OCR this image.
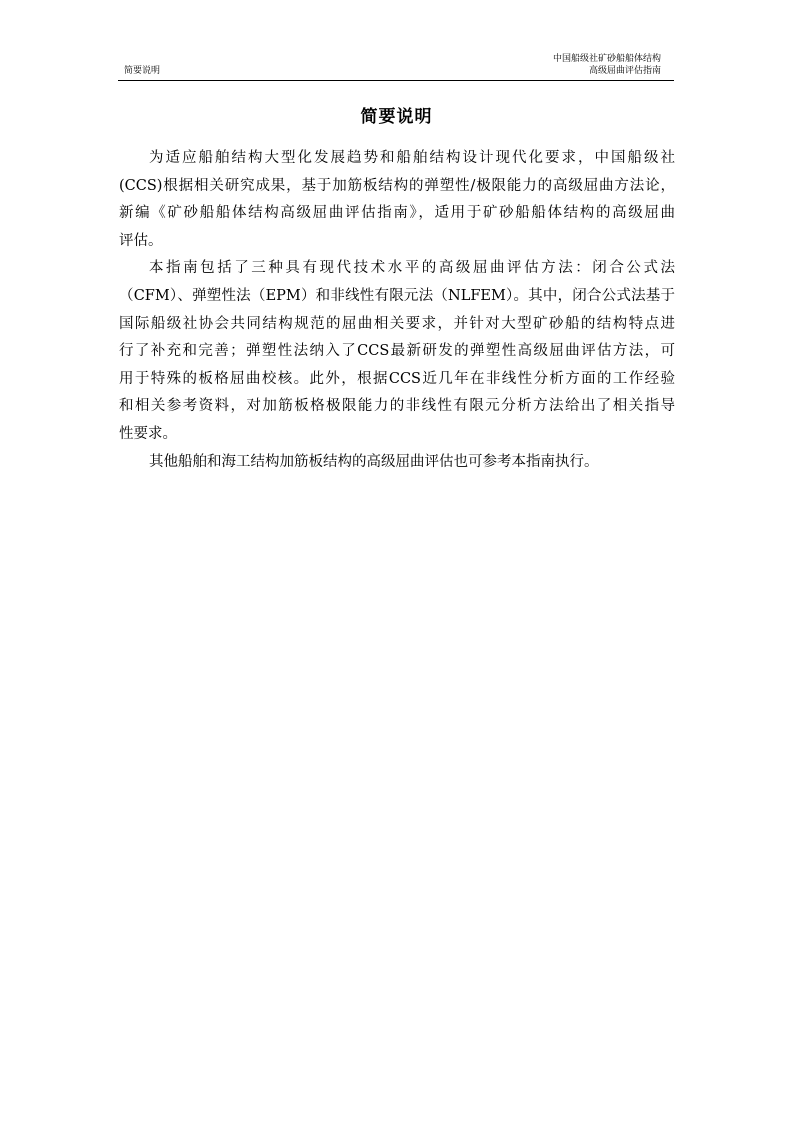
简要说明
中国船级社矿砂船船体结构
高级屈曲评估指南
简要说明
为适应船舶结构大型化发展趋势和船舶结构设计现代化要求，中国船级社
(CCS)根据相关研究成果，基于加筋板结构的弹塑性/极限能力的高级屈曲方法论，
新编《矿砂船船体结构高级屈曲评估指南》，适用于矿砂船船体结构的高级屈曲
评估。
本指南包括了三种具有现代技术水平的高级屈曲评估方法：闭合公式法
（CFM）、弹塑性法（EPM）和非线性有限元法（NLFEM）。其中，闭合公式法基于
国际船级社协会共同结构规范的屈曲相关要求，并针对大型矿砂船的结构特点进
行了补充和完善；弹塑性法纳入了CCS最新研发的弹塑性高级屈曲评估方法，可
用于特殊的板格屈曲校核。此外，根据CCS近几年在非线性分析方面的工作经验
和相关参考资料，对加筋板格极限能力的非线性有限元分析方法给出了相关指导
性要求。
其他船舶和海工结构加筋板结构的高级屈曲评估也可参考本指南执行。
